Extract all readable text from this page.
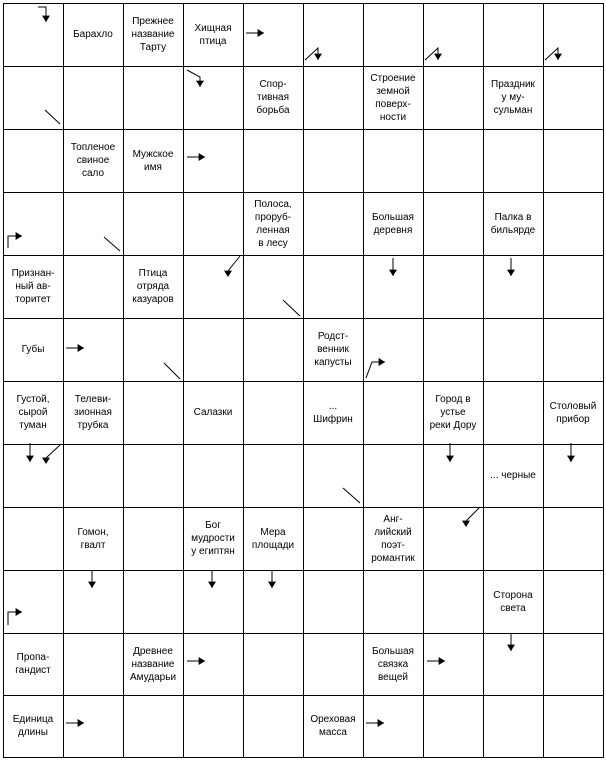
Барахло
Прежнее
название
Тарту
Хищная
птица
Спор-
тивная
борьба
Строение
земной
поверх-
ности
Праздник
у му-
сульман
Топленое
свиное
сало
Мужское
имя
Полоса,
проруб-
ленная
в лесу
Большая
деревня
Палка в
бильярде
Признан-
ный ав-
торитет
Птица
отряда
казуаров
Губы
Родст-
венник
капусты
Густой,
сырой
туман
Телеви-
зионная
трубка
Салазки
...
Шифрин
Город в
устье
реки Дору
Столовый
прибор
... черные
Гомон,
гвалт
Бог
мудрости
у египтян
Мера
площади
Анг-
лийский
поэт-
романтик
Сторона
света
Пропа-
гандист
Древнее
название
Амударьи
Большая
связка
вещей
Единица
длины
Ореховая
масса
